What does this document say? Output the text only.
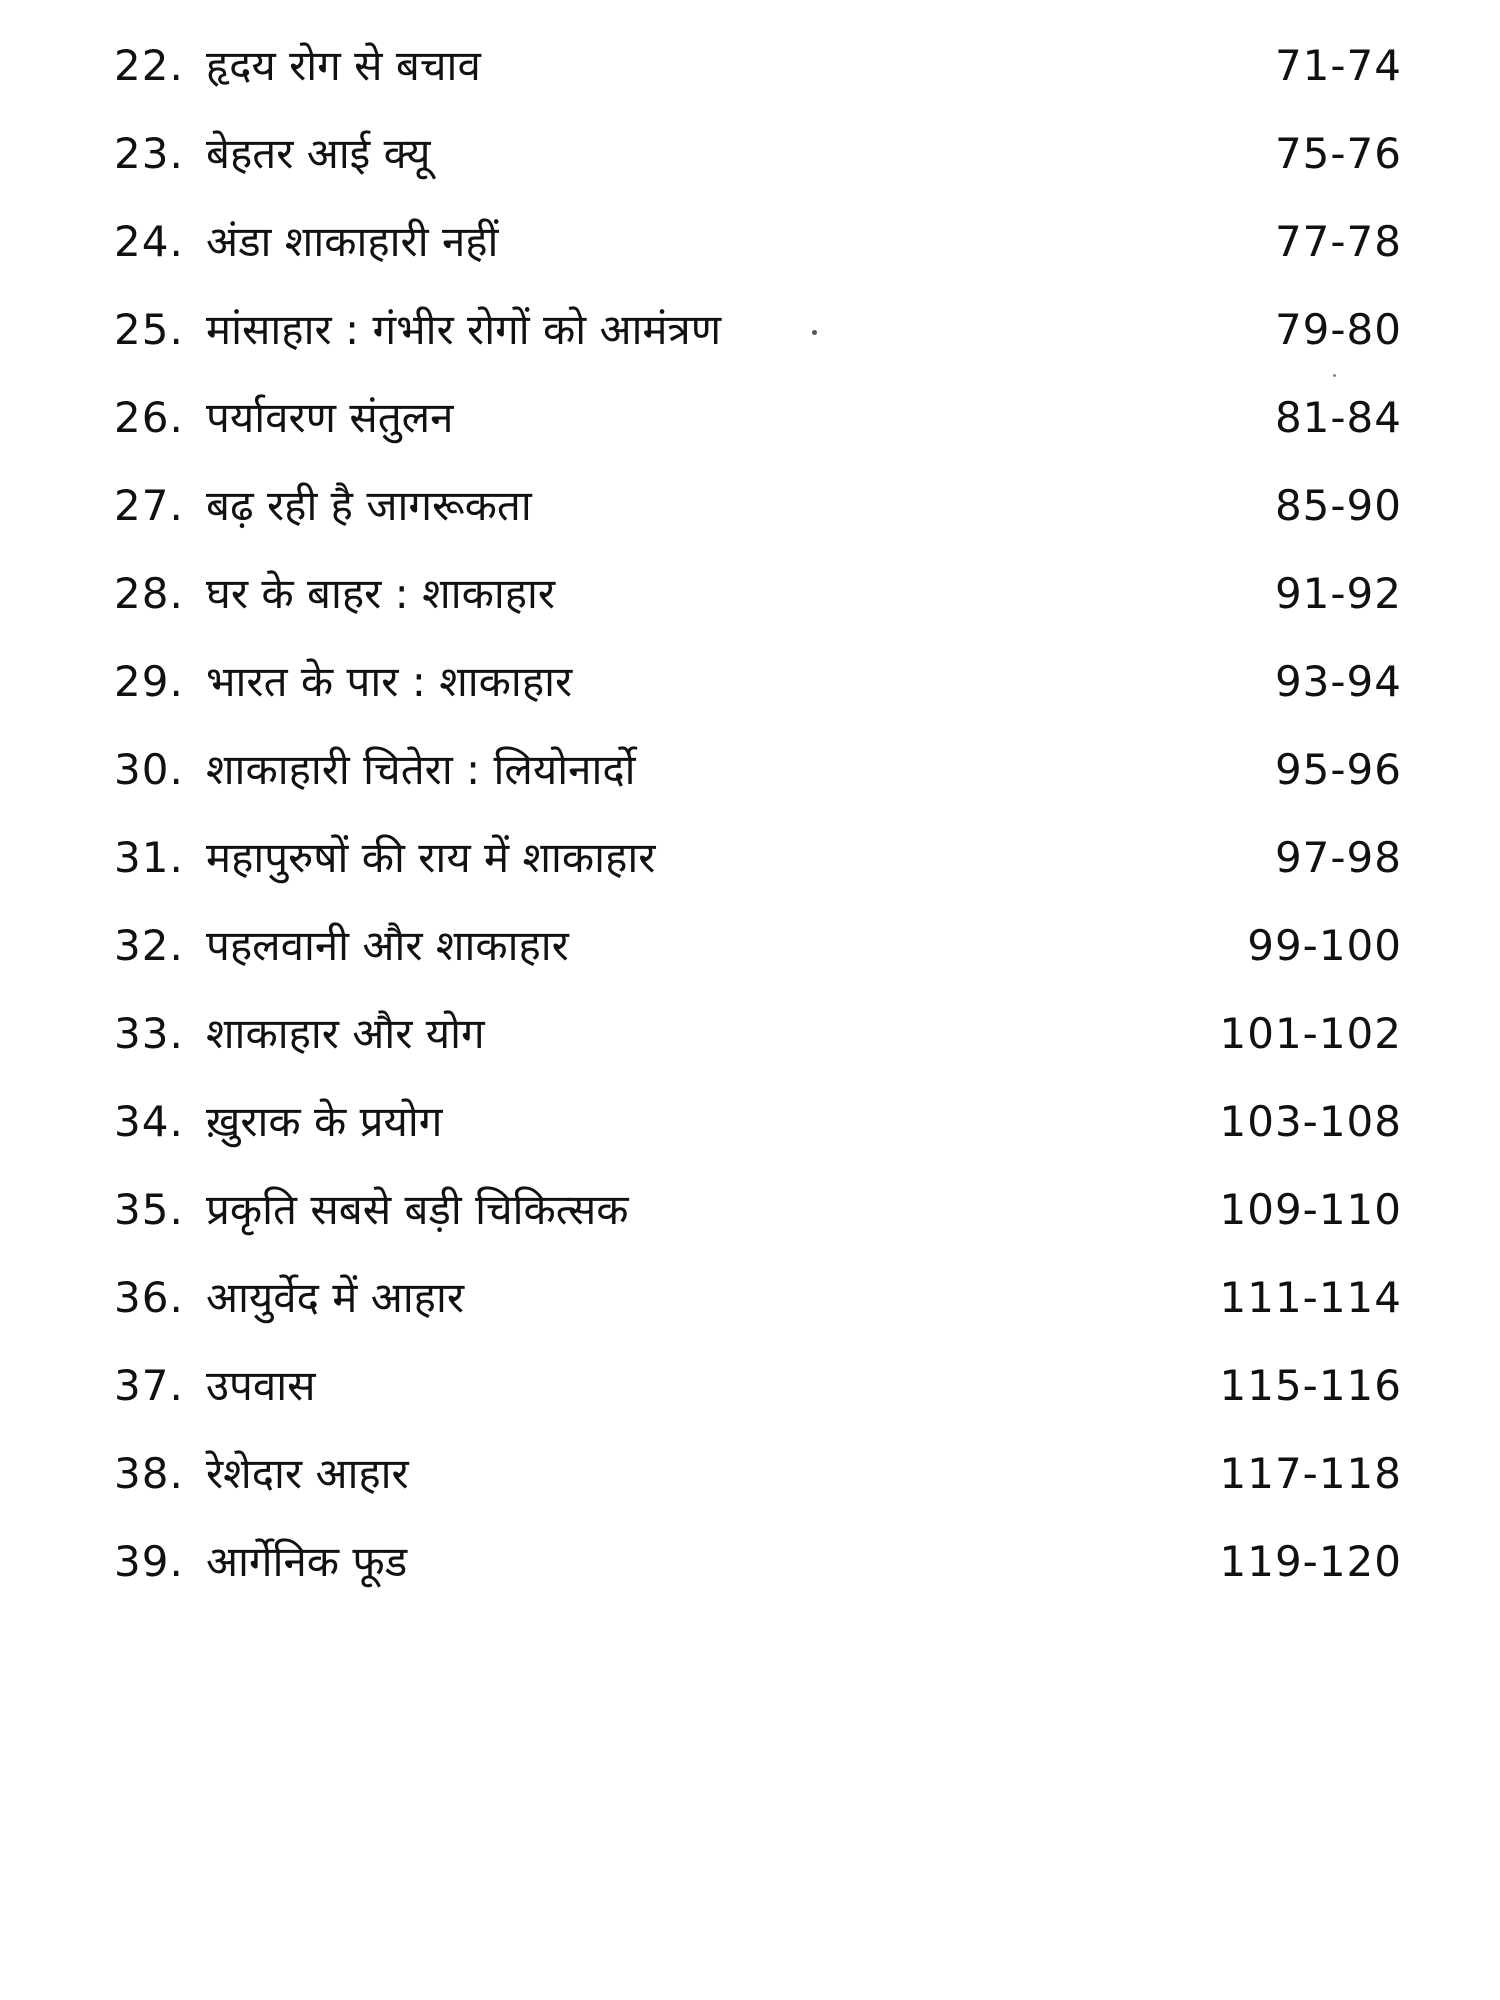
22. हृदय रोग से बचाव	71-74
23. बेहतर आई क्यू	75-76
24. अंडा शाकाहारी नहीं	77-78
25. मांसाहार : गंभीर रोगों को आमंत्रण	79-80
26. पर्यावरण संतुलन	81-84
27. बढ़ रही है जागरूकता	85-90
28. घर के बाहर : शाकाहार	91-92
29. भारत के पार : शाकाहार	93-94
30. शाकाहारी चितेरा : लियोनार्दो	95-96
31. महापुरुषों की राय में शाकाहार	97-98
32. पहलवानी और शाकाहार	99-100
33. शाकाहार और योग	101-102
34. ख़ुराक के प्रयोग	103-108
35. प्रकृति सबसे बड़ी चिकित्सक	109-110
36. आयुर्वेद में आहार	111-114
37. उपवास	115-116
38. रेशेदार आहार	117-118
39. आर्गेनिक फूड	119-120
